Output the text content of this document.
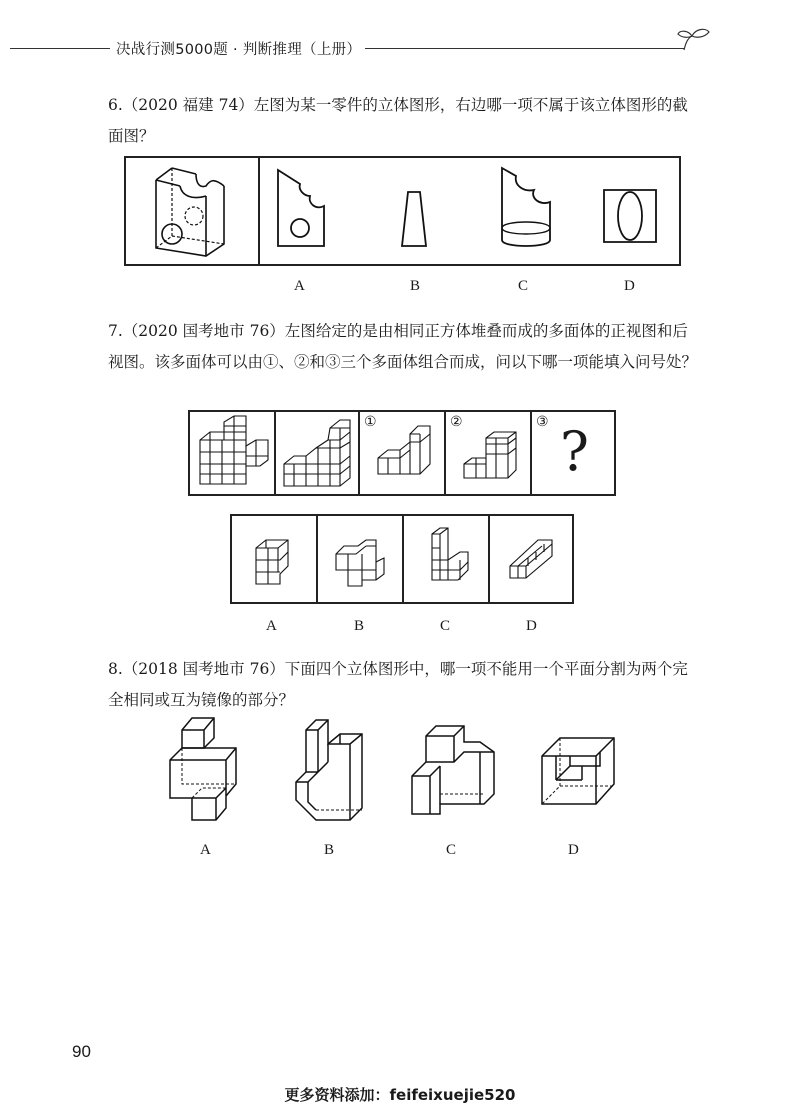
决战行测5000题 · 判断推理（上册）
6.（2020 福建 74）左图为某一零件的立体图形，右边哪一项不属于该立体图形的截面图？
A	B	C	D
7.（2020 国考地市 76）左图给定的是由相同正方体堆叠而成的多面体的正视图和后视图。该多面体可以由①、②和③三个多面体组合而成，问以下哪一项能填入问号处？
①	②	③ ?
A	B	C	D
8.（2018 国考地市 76）下面四个立体图形中，哪一项不能用一个平面分割为两个完全相同或互为镜像的部分？
A	B	C	D
90
更多资料添加：feifeixuejie520
